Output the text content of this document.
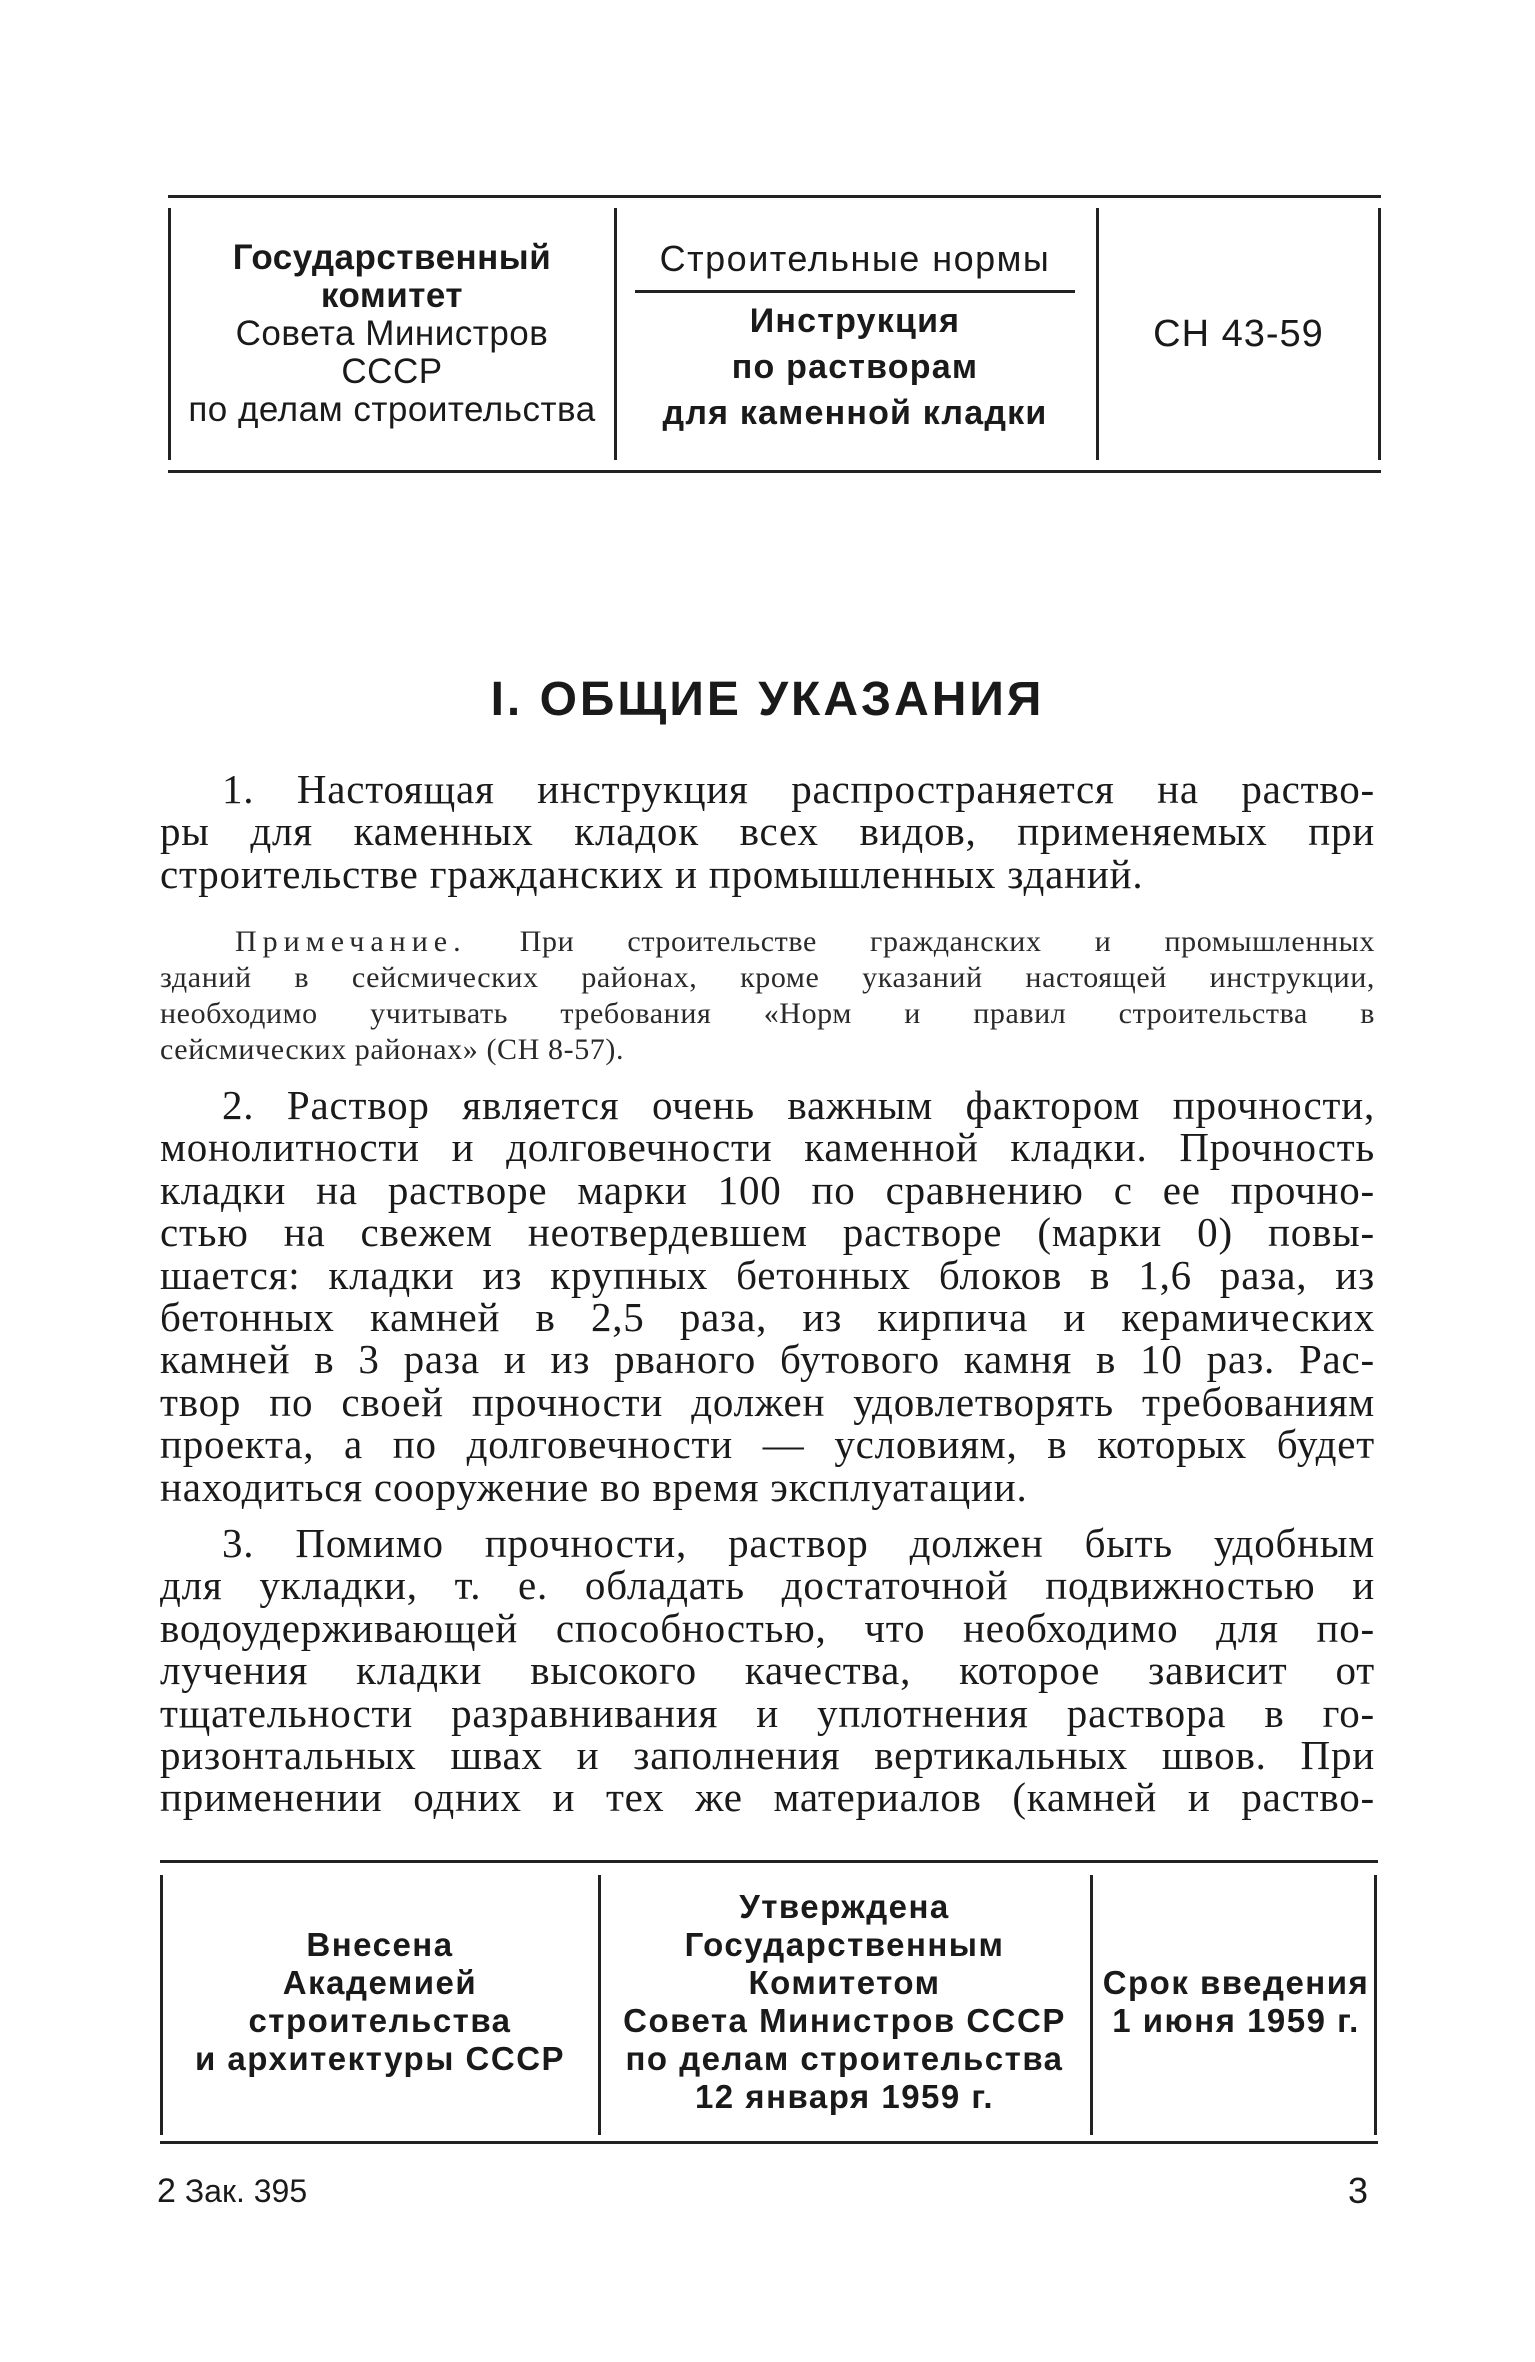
Государственный
комитет
Совета Министров
СССР
по делам строительства
Строительные нормы
Инструкция
по растворам
для каменной кладки
СН 43-59
I. ОБЩИЕ УКАЗАНИЯ
1. Настоящая инструкция распространяется на раство-
ры для каменных кладок всех видов, применяемых при
строительстве гражданских и промышленных зданий.
Примечание. При строительстве гражданских и промышленных
зданий в сейсмических районах, кроме указаний настоящей инструкции,
необходимо учитывать требования «Норм и правил строительства в
сейсмических районах» (СН 8-57).
2. Раствор является очень важным фактором прочности,
монолитности и долговечности каменной кладки. Прочность
кладки на растворе марки 100 по сравнению с ее прочно-
стью на свежем неотвердевшем растворе (марки 0) повы-
шается: кладки из крупных бетонных блоков в 1,6 раза, из
бетонных камней в 2,5 раза, из кирпича и керамических
камней в 3 раза и из рваного бутового камня в 10 раз. Рас-
твор по своей прочности должен удовлетворять требованиям
проекта, а по долговечности — условиям, в которых будет
находиться сооружение во время эксплуатации.
3. Помимо прочности, раствор должен быть удобным
для укладки, т. е. обладать достаточной подвижностью и
водоудерживающей способностью, что необходимо для по-
лучения кладки высокого качества, которое зависит от
тщательности разравнивания и уплотнения раствора в го-
ризонтальных швах и заполнения вертикальных швов. При
применении одних и тех же материалов (камней и раство-
Внесена
Академией
строительства
и архитектуры СССР
Утверждена
Государственным
Комитетом
Совета Министров СССР
по делам строительства
12 января 1959 г.
Срок введения
1 июня 1959 г.
2 Зак. 395	3
